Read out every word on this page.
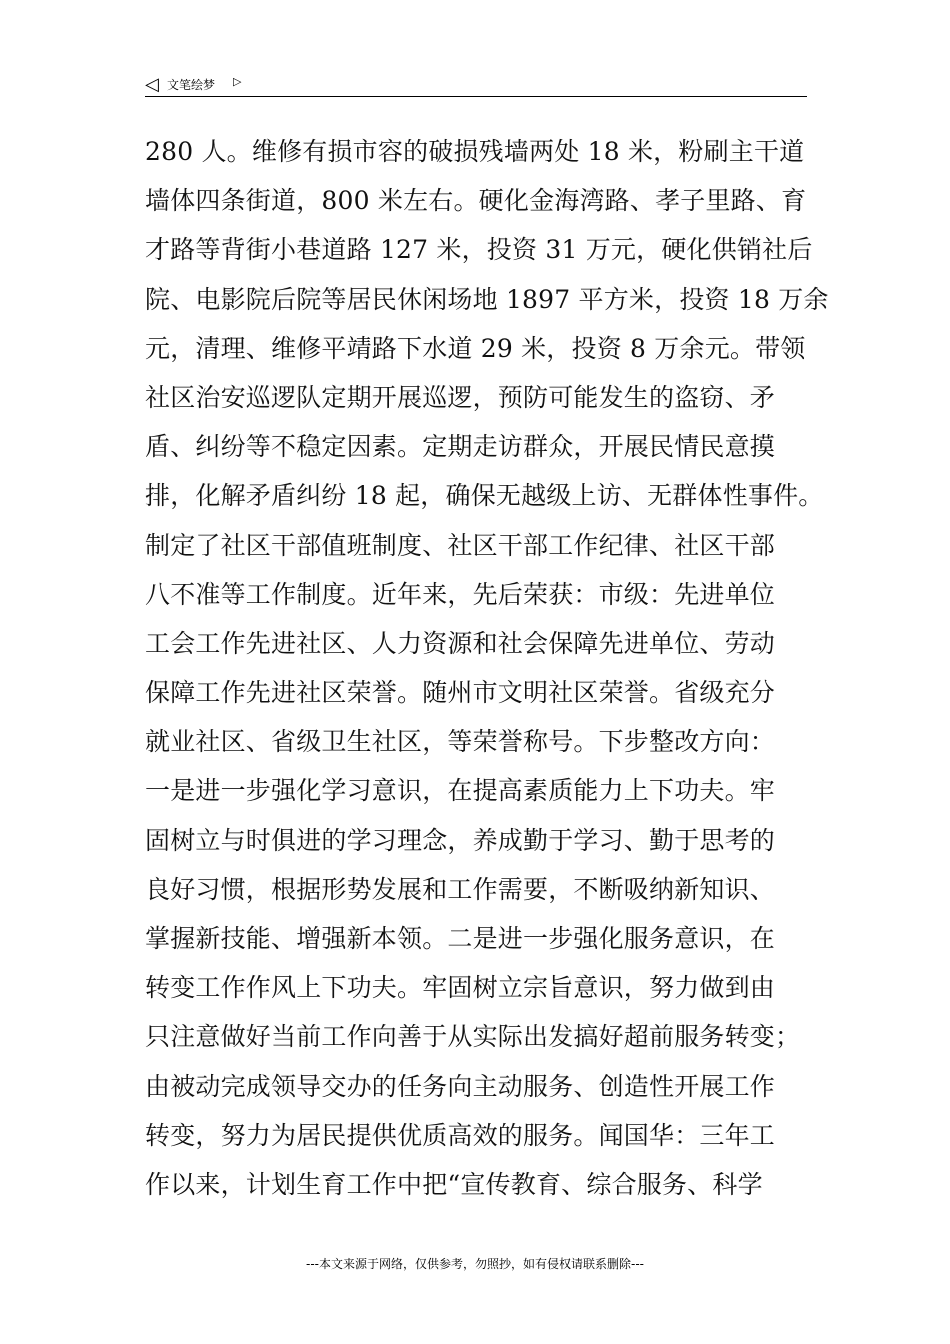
◁ 文笔绘梦 ▷
280 人。维修有损市容的破损残墙两处 18 米，粉刷主干道
墙体四条街道，800 米左右。硬化金海湾路、孝子里路、育
才路等背街小巷道路 127 米，投资 31 万元，硬化供销社后
院、电影院后院等居民休闲场地 1897 平方米，投资 18 万余
元，清理、维修平靖路下水道 29 米，投资 8 万余元。带领
社区治安巡逻队定期开展巡逻，预防可能发生的盗窃、矛
盾、纠纷等不稳定因素。定期走访群众，开展民情民意摸
排，化解矛盾纠纷 18 起，确保无越级上访、无群体性事件。
制定了社区干部值班制度、社区干部工作纪律、社区干部
八不准等工作制度。近年来，先后荣获：市级：先进单位
工会工作先进社区、人力资源和社会保障先进单位、劳动
保障工作先进社区荣誉。随州市文明社区荣誉。省级充分
就业社区、省级卫生社区，等荣誉称号。下步整改方向：
一是进一步强化学习意识，在提高素质能力上下功夫。牢
固树立与时俱进的学习理念，养成勤于学习、勤于思考的
良好习惯，根据形势发展和工作需要，不断吸纳新知识、
掌握新技能、增强新本领。二是进一步强化服务意识，在
转变工作作风上下功夫。牢固树立宗旨意识，努力做到由
只注意做好当前工作向善于从实际出发搞好超前服务转变；
由被动完成领导交办的任务向主动服务、创造性开展工作
转变，努力为居民提供优质高效的服务。闻国华：三年工
作以来，计划生育工作中把“宣传教育、综合服务、科学
---本文来源于网络，仅供参考，勿照抄，如有侵权请联系删除---
